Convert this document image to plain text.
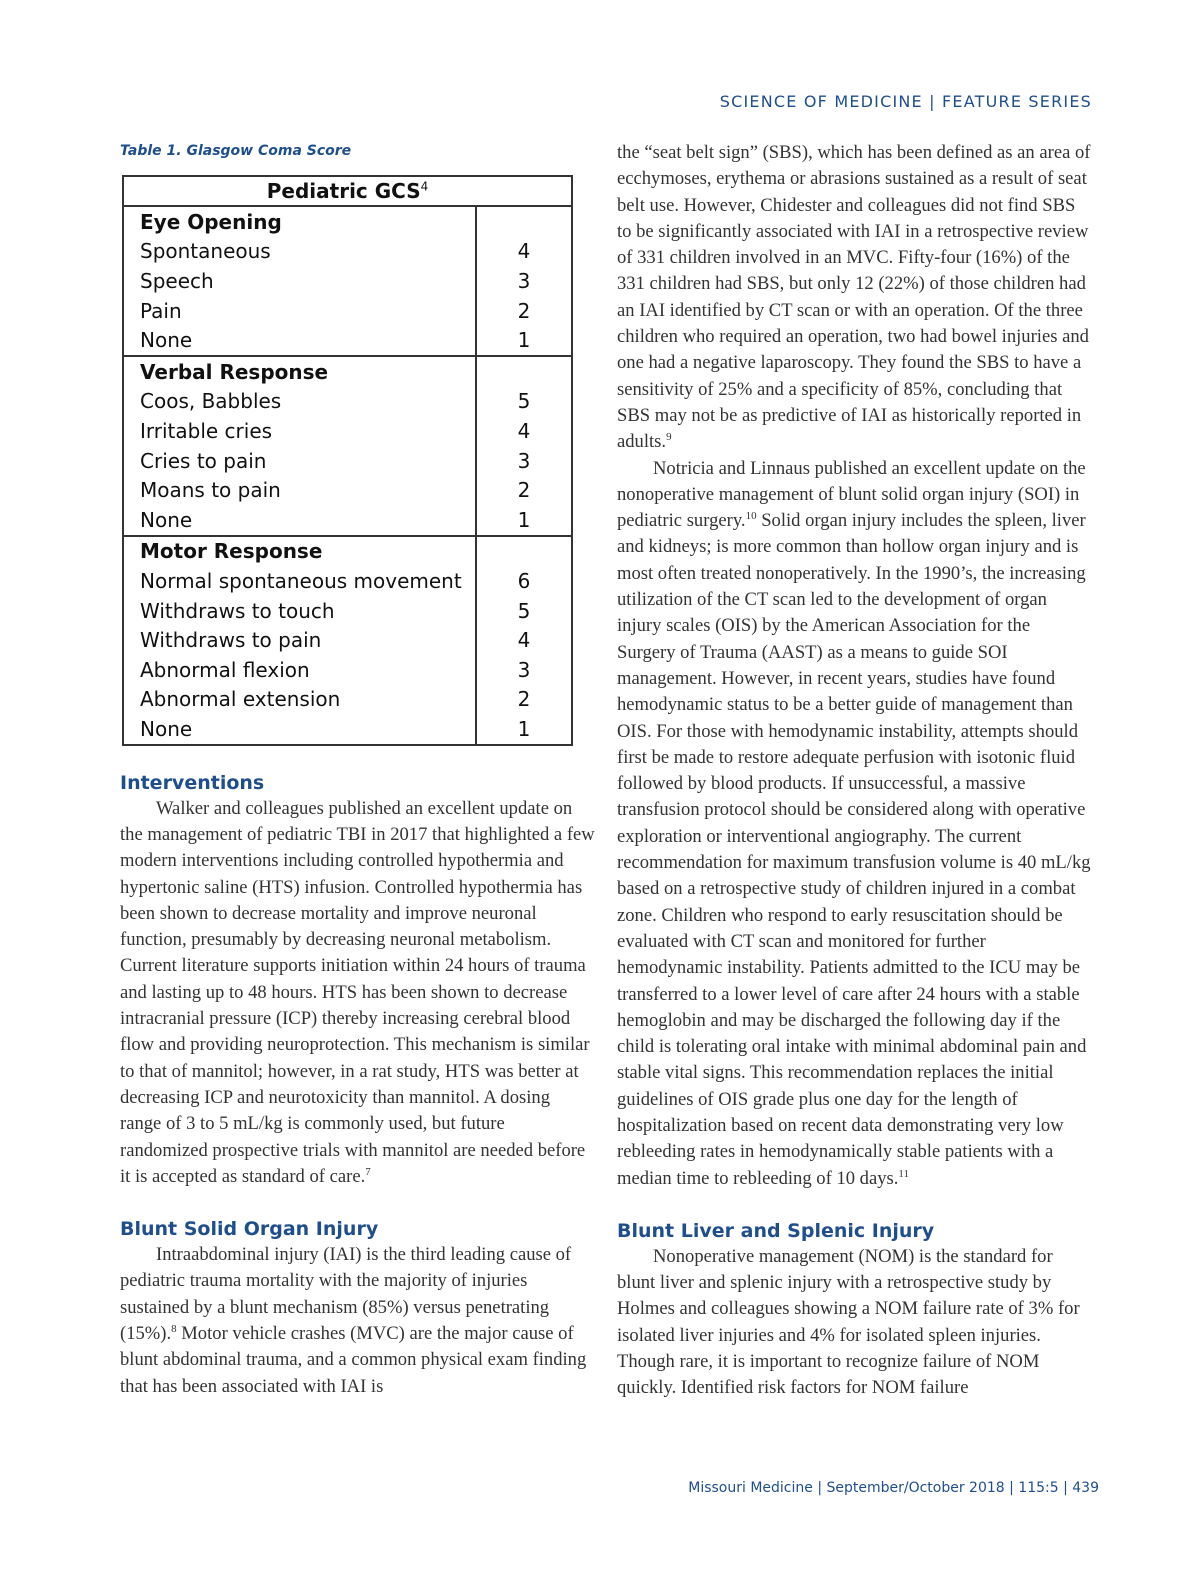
SCIENCE OF MEDICINE | FEATURE SERIES
Table 1. Glasgow Coma Score
Pediatric GCS$^4$
Eye Opening	
Spontaneous	4
Speech	3
Pain	2
None	1
Verbal Response	
Coos, Babbles	5
Irritable cries	4
Cries to pain	3
Moans to pain	2
None	1
Motor Response	
Normal spontaneous movement	6
Withdraws to touch	5
Withdraws to pain	4
Abnormal flexion	3
Abnormal extension	2
None	1
Interventions

Walker and colleagues published an excellent update on the management of pediatric TBI in 2017 that highlighted a few modern interventions including controlled hypothermia and hypertonic saline (HTS) infusion. Controlled hypothermia has been shown to decrease mortality and improve neuronal function, presumably by decreasing neuronal metabolism. Current literature supports initiation within 24 hours of trauma and lasting up to 48 hours. HTS has been shown to decrease intracranial pressure (ICP) thereby increasing cerebral blood flow and providing neuroprotection. This mechanism is similar to that of mannitol; however, in a rat study, HTS was better at decreasing ICP and neurotoxicity than mannitol. A dosing range of 3 to 5 mL/kg is commonly used, but future randomized prospective trials with mannitol are needed before it is accepted as standard of care.$^7$

Blunt Solid Organ Injury

Intraabdominal injury (IAI) is the third leading cause of pediatric trauma mortality with the majority of injuries sustained by a blunt mechanism (85%) versus penetrating (15%).$^8$ Motor vehicle crashes (MVC) are the major cause of blunt abdominal trauma, and a common physical exam finding that has been associated with IAI is

the “seat belt sign” (SBS), which has been defined as an area of ecchymoses, erythema or abrasions sustained as a result of seat belt use. However, Chidester and colleagues did not find SBS to be significantly associated with IAI in a retrospective review of 331 children involved in an MVC. Fifty-four (16%) of the 331 children had SBS, but only 12 (22%) of those children had an IAI identified by CT scan or with an operation. Of the three children who required an operation, two had bowel injuries and one had a negative laparoscopy. They found the SBS to have a sensitivity of 25% and a specificity of 85%, concluding that SBS may not be as predictive of IAI as historically reported in adults.$^9$

Notricia and Linnaus published an excellent update on the nonoperative management of blunt solid organ injury (SOI) in pediatric surgery.$^{10}$ Solid organ injury includes the spleen, liver and kidneys; is more common than hollow organ injury and is most often treated nonoperatively. In the 1990’s, the increasing utilization of the CT scan led to the development of organ injury scales (OIS) by the American Association for the Surgery of Trauma (AAST) as a means to guide SOI management. However, in recent years, studies have found hemodynamic status to be a better guide of management than OIS. For those with hemodynamic instability, attempts should first be made to restore adequate perfusion with isotonic fluid followed by blood products. If unsuccessful, a massive transfusion protocol should be considered along with operative exploration or interventional angiography. The current recommendation for maximum transfusion volume is 40 mL/kg based on a retrospective study of children injured in a combat zone. Children who respond to early resuscitation should be evaluated with CT scan and monitored for further hemodynamic instability. Patients admitted to the ICU may be transferred to a lower level of care after 24 hours with a stable hemoglobin and may be discharged the following day if the child is tolerating oral intake with minimal abdominal pain and stable vital signs. This recommendation replaces the initial guidelines of OIS grade plus one day for the length of hospitalization based on recent data demonstrating very low rebleeding rates in hemodynamically stable patients with a median time to rebleeding of 10 days.$^{11}$

Blunt Liver and Splenic Injury

Nonoperative management (NOM) is the standard for blunt liver and splenic injury with a retrospective study by Holmes and colleagues showing a NOM failure rate of 3% for isolated liver injuries and 4% for isolated spleen injuries. Though rare, it is important to recognize failure of NOM quickly. Identified risk factors for NOM failure

Missouri Medicine | September/October 2018 | 115:5 | 439
